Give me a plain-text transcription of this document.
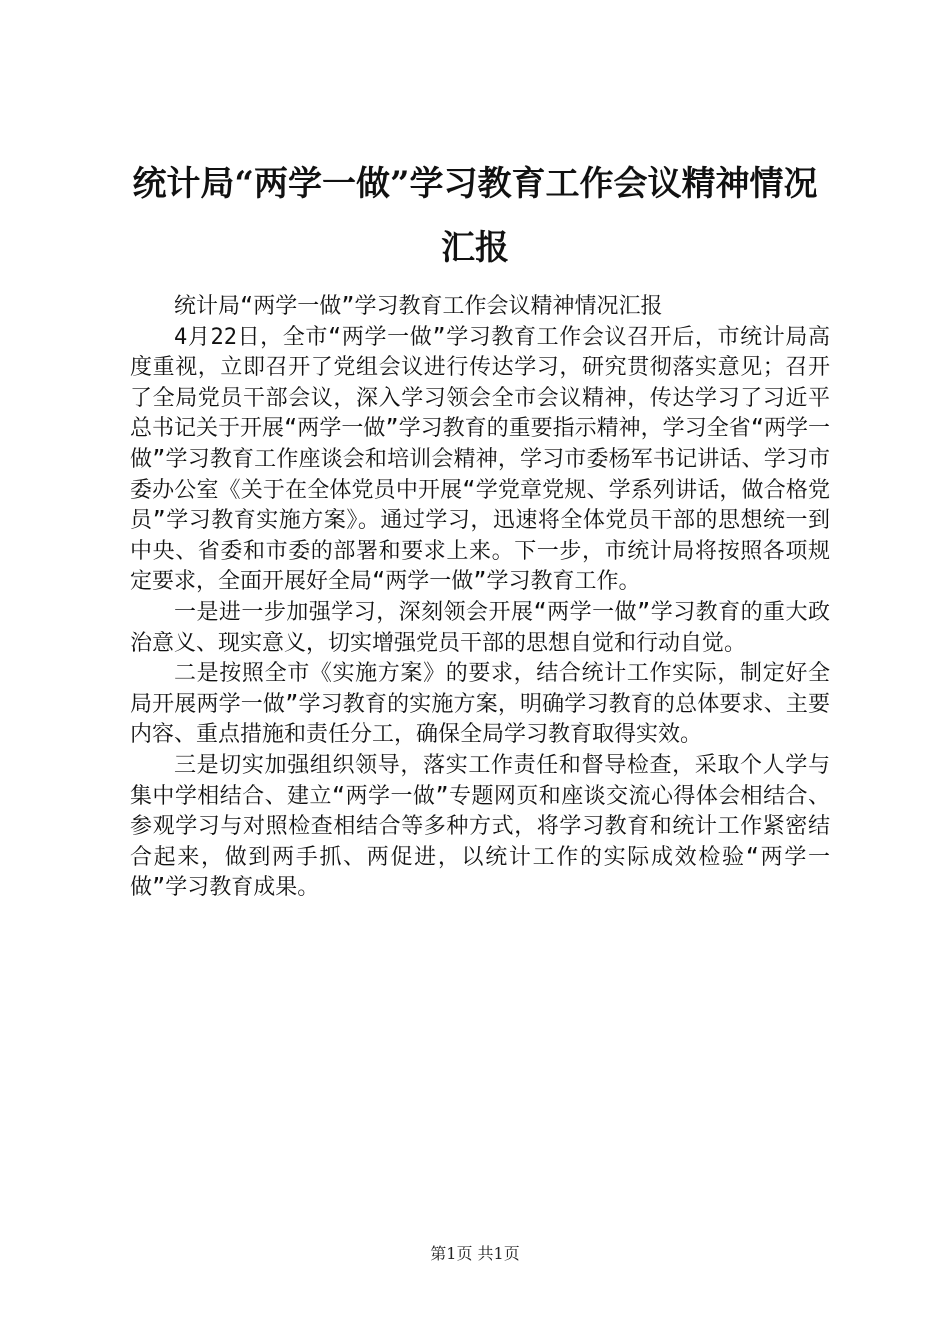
统计局“两学一做”学习教育工作会议精神情况汇报

统计局“两学一做”学习教育工作会议精神情况汇报

4月22日，全市“两学一做”学习教育工作会议召开后，市统计局高度重视，立即召开了党组会议进行传达学习，研究贯彻落实意见；召开了全局党员干部会议，深入学习领会全市会议精神，传达学习了习近平总书记关于开展“两学一做”学习教育的重要指示精神，学习全省“两学一做”学习教育工作座谈会和培训会精神，学习市委杨军书记讲话、学习市委办公室《关于在全体党员中开展“学党章党规、学系列讲话，做合格党员”学习教育实施方案》。通过学习，迅速将全体党员干部的思想统一到中央、省委和市委的部署和要求上来。下一步，市统计局将按照各项规定要求，全面开展好全局“两学一做”学习教育工作。

一是进一步加强学习，深刻领会开展“两学一做”学习教育的重大政治意义、现实意义，切实增强党员干部的思想自觉和行动自觉。

二是按照全市《实施方案》的要求，结合统计工作实际，制定好全局开展两学一做”学习教育的实施方案，明确学习教育的总体要求、主要内容、重点措施和责任分工，确保全局学习教育取得实效。

三是切实加强组织领导，落实工作责任和督导检查，采取个人学与集中学相结合、建立“两学一做”专题网页和座谈交流心得体会相结合、参观学习与对照检查相结合等多种方式，将学习教育和统计工作紧密结合起来，做到两手抓、两促进，以统计工作的实际成效检验“两学一做”学习教育成果。

第1页 共1页
